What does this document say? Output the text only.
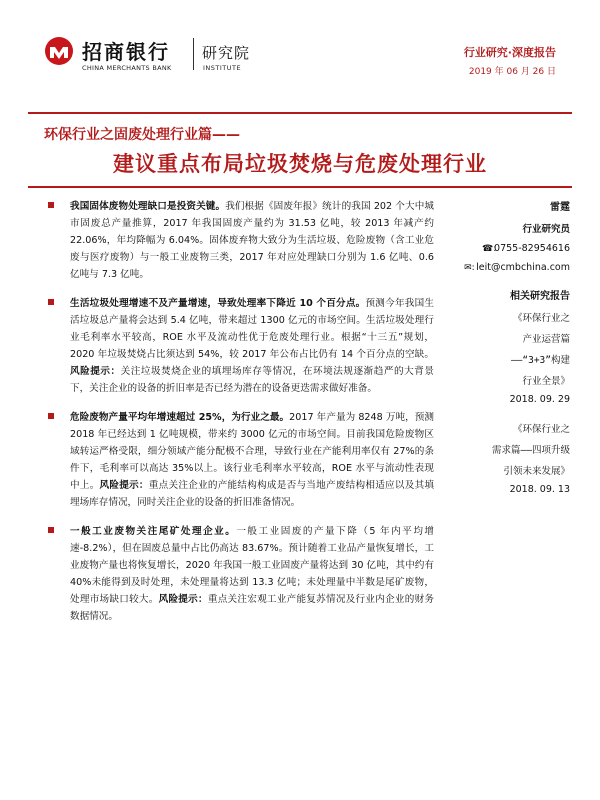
招商银行
CHINA MERCHANTS BANK
研究院
INSTITUTE
行业研究·深度报告
2019 年 06 月 26 日
环保行业之固废处理行业篇——
建议重点布局垃圾焚烧与危废处理行业
我国固体废物处理缺口是投资关键。我们根据《固废年报》统计的我国 202 个大中城市固废总产量推算，2017 年我国固废产量约为 31.53 亿吨，较 2013 年减产约 22.06%，年均降幅为 6.04%。固体废弃物大致分为生活垃圾、危险废物（含工业危废与医疗废物）与一般工业废物三类，2017 年对应处理缺口分别为 1.6 亿吨、0.6 亿吨与 7.3 亿吨。
生活垃圾处理增速不及产量增速，导致处理率下降近 10 个百分点。预测今年我国生活垃圾总产量将会达到 5.4 亿吨，带来超过 1300 亿元的市场空间。生活垃圾处理行业毛利率水平较高，ROE 水平及流动性优于危废处理行业。根据“十三五”规划，2020 年垃圾焚烧占比须达到 54%，较 2017 年公布占比仍有 14 个百分点的空缺。风险提示：关注垃圾焚烧企业的填埋场库存等情况，在环境法规逐渐趋严的大背景下，关注企业的设备的折旧率是否已经为潜在的设备更迭需求做好准备。
危险废物产量平均年增速超过 25%，为行业之最。2017 年产量为 8248 万吨，预测 2018 年已经达到 1 亿吨规模，带来约 3000 亿元的市场空间。目前我国危险废物区域转运严格受限，细分领域产能分配极不合理，导致行业在产能利用率仅有 27%的条件下，毛利率可以高达 35%以上。该行业毛利率水平较高，ROE 水平与流动性表现中上。风险提示：重点关注企业的产能结构构成是否与当地产废结构相适应以及其填埋场库存情况，同时关注企业的设备的折旧准备情况。
一般工业废物关注尾矿处理企业。一般工业固废的产量下降（5 年内平均增速-8.2%），但在固废总量中占比仍高达 83.67%。预计随着工业品产量恢复增长，工业废物产量也将恢复增长，2020 年我国一般工业固废产量将达到 30 亿吨，其中约有 40%未能得到及时处理，未处理量将达到 13.3 亿吨；未处理量中半数是尾矿废物，处理市场缺口较大。风险提示：重点关注宏观工业产能复苏情况及行业内企业的财务数据情况。
雷霆
行业研究员
☎:0755-82954616
✉:leit@cmbchina.com
相关研究报告
《环保行业之
产业运营篇
——“3+3”构建
行业全景》
2018. 09. 29
《环保行业之
需求篇——四项升级
引领未来发展》
2018. 09. 13
